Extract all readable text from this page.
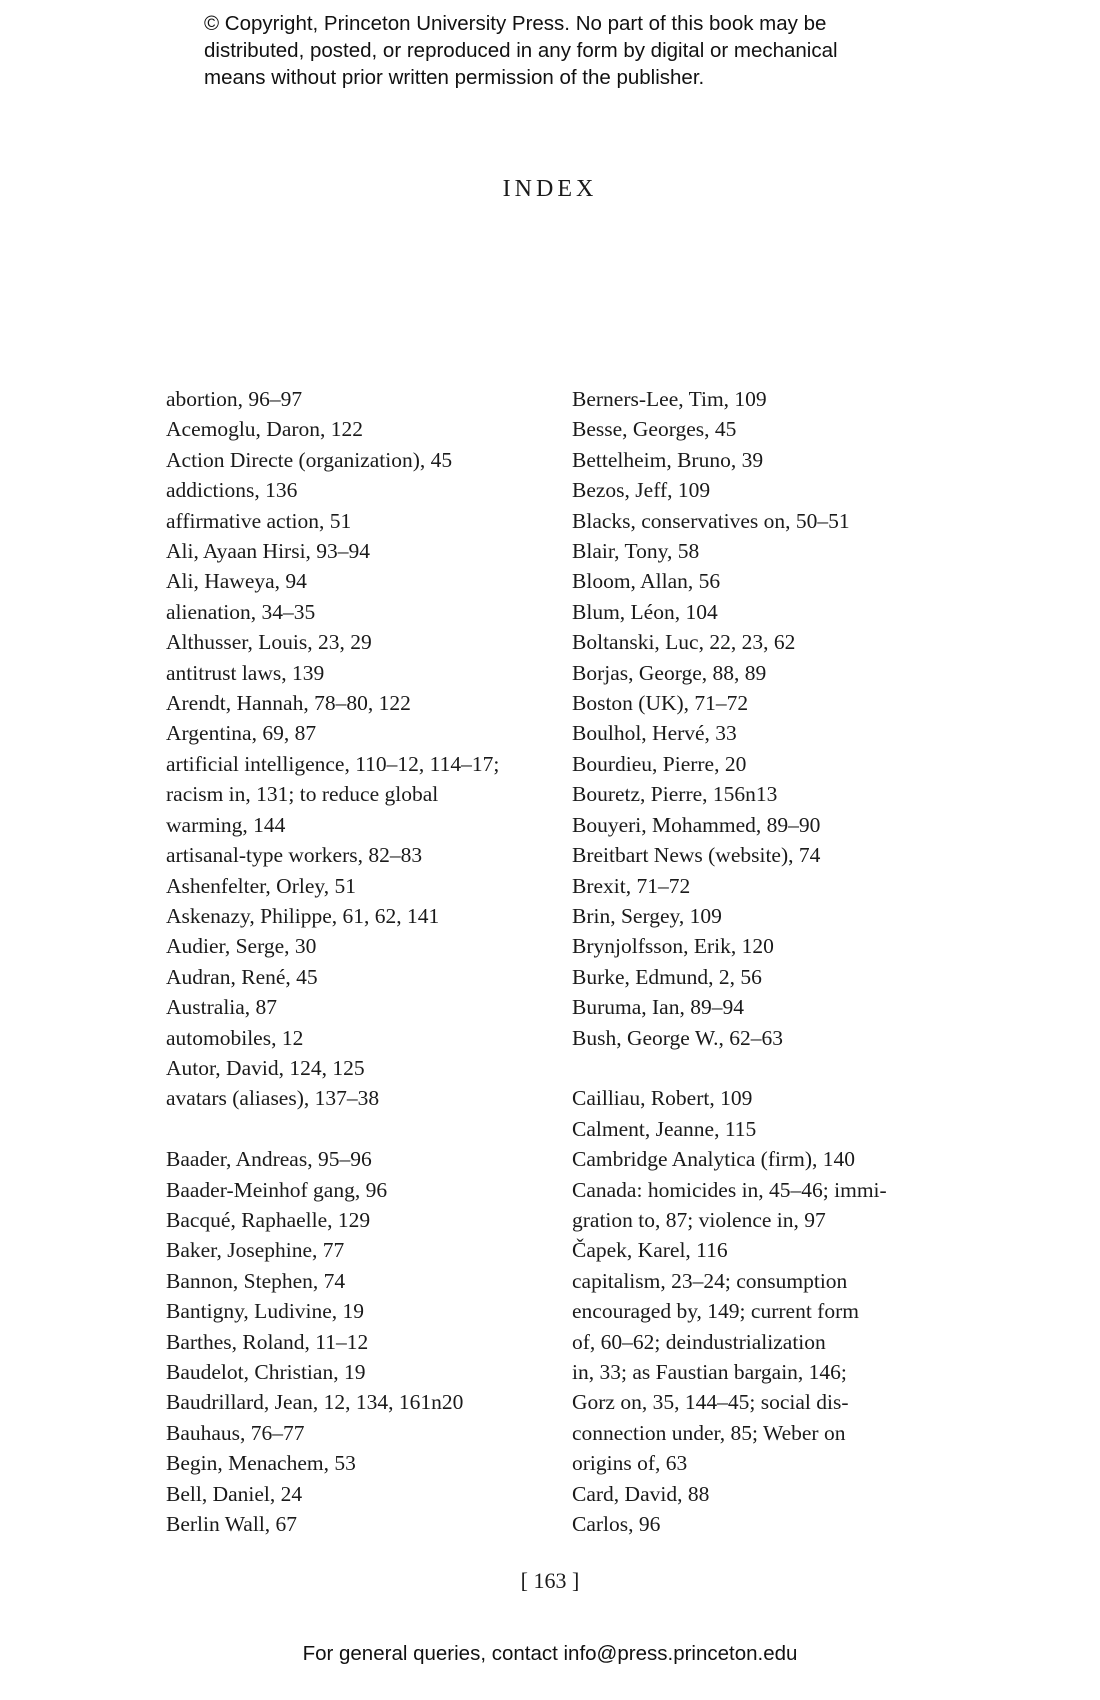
© Copyright, Princeton University Press. No part of this book may be
distributed, posted, or reproduced in any form by digital or mechanical
means without prior written permission of the publisher.
INDEX
abortion, 96–97
Acemoglu, Daron, 122
Action Directe (organization), 45
addictions, 136
affirmative action, 51
Ali, Ayaan Hirsi, 93–94
Ali, Haweya, 94
alienation, 34–35
Althusser, Louis, 23, 29
antitrust laws, 139
Arendt, Hannah, 78–80, 122
Argentina, 69, 87
artificial intelligence, 110–12, 114–17;
racism in, 131; to reduce global
warming, 144
artisanal-type workers, 82–83
Ashenfelter, Orley, 51
Askenazy, Philippe, 61, 62, 141
Audier, Serge, 30
Audran, René, 45
Australia, 87
automobiles, 12
Autor, David, 124, 125
avatars (aliases), 137–38
Baader, Andreas, 95–96
Baader-Meinhof gang, 96
Bacqué, Raphaelle, 129
Baker, Josephine, 77
Bannon, Stephen, 74
Bantigny, Ludivine, 19
Barthes, Roland, 11–12
Baudelot, Christian, 19
Baudrillard, Jean, 12, 134, 161n20
Bauhaus, 76–77
Begin, Menachem, 53
Bell, Daniel, 24
Berlin Wall, 67
Berners-Lee, Tim, 109
Besse, Georges, 45
Bettelheim, Bruno, 39
Bezos, Jeff, 109
Blacks, conservatives on, 50–51
Blair, Tony, 58
Bloom, Allan, 56
Blum, Léon, 104
Boltanski, Luc, 22, 23, 62
Borjas, George, 88, 89
Boston (UK), 71–72
Boulhol, Hervé, 33
Bourdieu, Pierre, 20
Bouretz, Pierre, 156n13
Bouyeri, Mohammed, 89–90
Breitbart News (website), 74
Brexit, 71–72
Brin, Sergey, 109
Brynjolfsson, Erik, 120
Burke, Edmund, 2, 56
Buruma, Ian, 89–94
Bush, George W., 62–63
Cailliau, Robert, 109
Calment, Jeanne, 115
Cambridge Analytica (firm), 140
Canada: homicides in, 45–46; immi-
gration to, 87; violence in, 97
Čapek, Karel, 116
capitalism, 23–24; consumption
encouraged by, 149; current form
of, 60–62; deindustrialization
in, 33; as Faustian bargain, 146;
Gorz on, 35, 144–45; social dis-
connection under, 85; Weber on
origins of, 63
Card, David, 88
Carlos, 96
[ 163 ]
For general queries, contact info@press.princeton.edu
